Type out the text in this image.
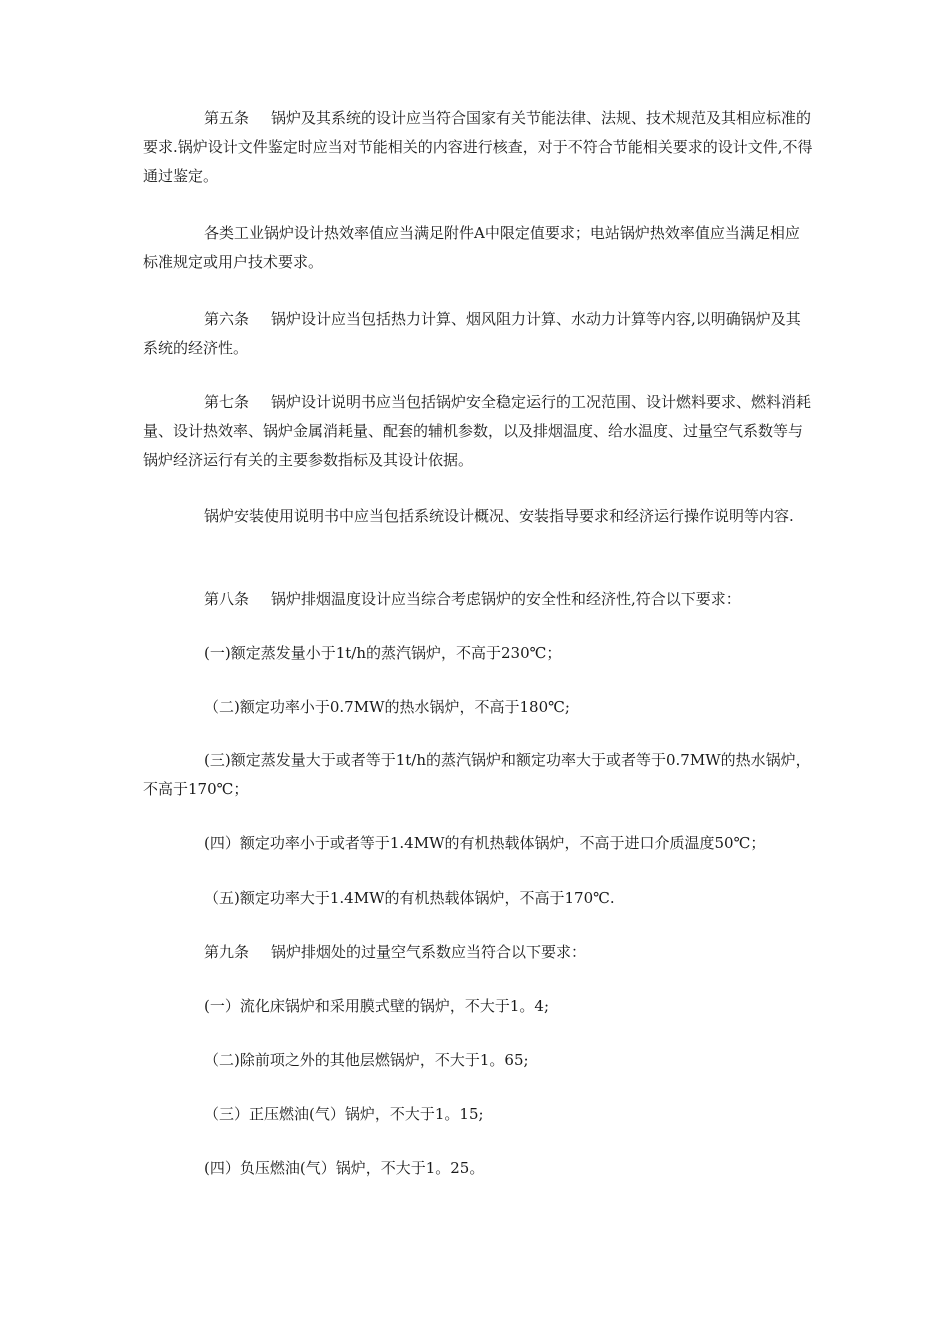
第五条 锅炉及其系统的设计应当符合国家有关节能法律、法规、技术规范及其相应标准的要求.锅炉设计文件鉴定时应当对节能相关的内容进行核查，对于不符合节能相关要求的设计文件,不得通过鉴定。

各类工业锅炉设计热效率值应当满足附件A中限定值要求；电站锅炉热效率值应当满足相应标准规定或用户技术要求。

第六条 锅炉设计应当包括热力计算、烟风阻力计算、水动力计算等内容,以明确锅炉及其系统的经济性。

第七条 锅炉设计说明书应当包括锅炉安全稳定运行的工况范围、设计燃料要求、燃料消耗量、设计热效率、锅炉金属消耗量、配套的辅机参数，以及排烟温度、给水温度、过量空气系数等与锅炉经济运行有关的主要参数指标及其设计依据。

锅炉安装使用说明书中应当包括系统设计概况、安装指导要求和经济运行操作说明等内容.

第八条 锅炉排烟温度设计应当综合考虑锅炉的安全性和经济性,符合以下要求：

(一)额定蒸发量小于1t/h的蒸汽锅炉，不高于230℃；

（二)额定功率小于0.7MW的热水锅炉，不高于180℃;

(三)额定蒸发量大于或者等于1t/h的蒸汽锅炉和额定功率大于或者等于0.7MW的热水锅炉，不高于170℃；

(四）额定功率小于或者等于1.4MW的有机热载体锅炉，不高于进口介质温度50℃；

（五)额定功率大于1.4MW的有机热载体锅炉，不高于170℃.

第九条 锅炉排烟处的过量空气系数应当符合以下要求：

(一）流化床锅炉和采用膜式壁的锅炉，不大于1。4;

（二)除前项之外的其他层燃锅炉，不大于1。65;

（三）正压燃油(气）锅炉，不大于1。15;

(四）负压燃油(气）锅炉，不大于1。25。
